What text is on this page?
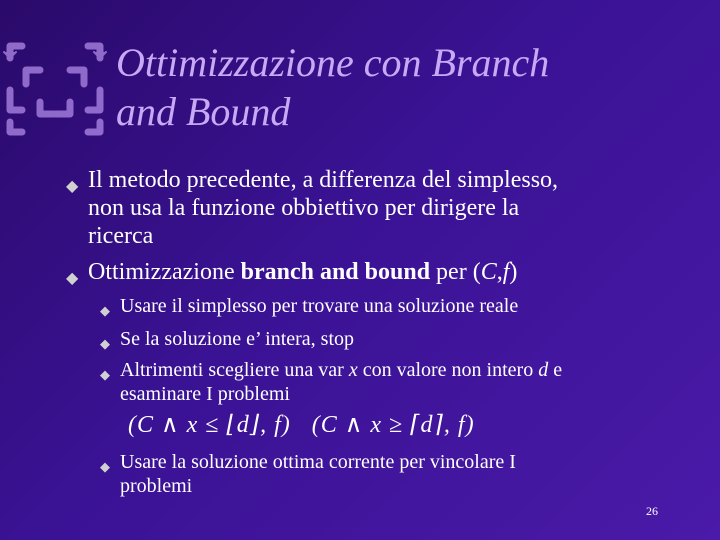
Ottimizzazione con Branch
and Bound
◆ Il metodo precedente, a differenza del simplesso,
non usa la funzione obbiettivo per dirigere la
ricerca
◆ Ottimizzazione branch and bound per (C,f)
◆ Usare il simplesso per trovare una soluzione reale
◆ Se la soluzione e’ intera, stop
◆ Altrimenti scegliere una var x con valore non intero d e
esaminare I problemi
(C ∧ x ≤ ⌊d⌋, f) (C ∧ x ≥ ⌈d⌉, f)
◆ Usare la soluzione ottima corrente per vincolare I
problemi
26
